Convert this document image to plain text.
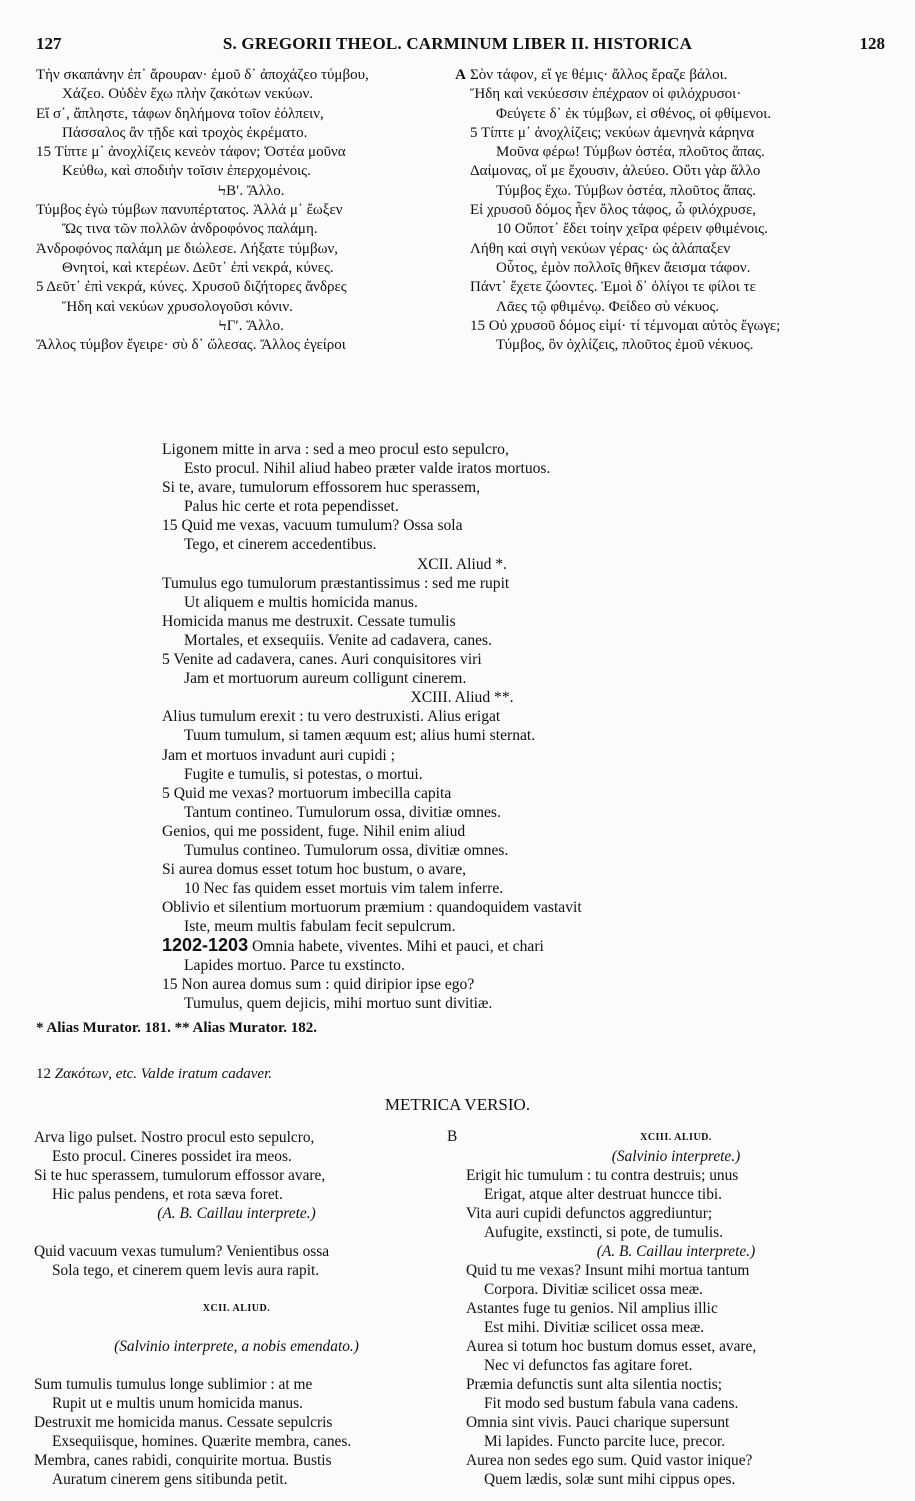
127	S. GREGORII THEOL. CARMINUM LIBER II. HISTORICA	128
Τὴν σκαπάνην ἐπ᾽ ἄρουραν· ἐμοῦ δ᾽ ἀποχάζεο τύμβου,	A
Χάζεο. Οὐδὲν ἔχω πλὴν ζακότων νεκύων.
Εἴ σ᾽, ἄπληστε, τάφων δηλήμονα τοῖον ἐόλπειν,
Πάσσαλος ἂν τῇδε καὶ τροχὸς ἐκρέματο.
15 Τίπτε μ᾽ ἀνοχλίζεις κενεὸν τάφον; Ὀστέα μοῦνα
Κεύθω, καὶ σποδιὴν τοῖσιν ἐπερχομένοις.
ϞΒʹ. Ἄλλο.
Τύμβος ἐγὼ τύμβων πανυπέρτατος. Ἀλλά μ᾽ ἔωξεν
Ὥς τινα τῶν πολλῶν ἀνδροφόνος παλάμη.
Ἀνδροφόνος παλάμη με διώλεσε. Λήξατε τύμβων,
Θνητοί, καὶ κτερέων. Δεῦτ᾽ ἐπὶ νεκρά, κύνες.
5 Δεῦτ᾽ ἐπὶ νεκρά, κύνες. Χρυσοῦ διζήτορες ἄνδρες
Ἤδη καὶ νεκύων χρυσολογοῦσι κόνιν.
ϞΓʹ. Ἄλλο.
Ἄλλος τύμβον ἔγειρε· σὺ δ᾽ ὤλεσας. Ἄλλος ἐγείροι
Σὸν τάφον, εἴ γε θέμις· ἄλλος ἔραζε βάλοι.
Ἤδη καὶ νεκύεσσιν ἐπέχραον οἱ φιλόχρυσοι·
Φεύγετε δ᾽ ἐκ τύμβων, εἰ σθένος, οἱ φθίμενοι.
5 Τίπτε μ᾽ ἀνοχλίζεις; νεκύων ἀμενηνὰ κάρηνα
Μοῦνα φέρω! Τύμβων ὀστέα, πλοῦτος ἅπας.
Δαίμονας, οἵ με ἔχουσιν, ἀλεύεο. Οὔτι γὰρ ἄλλο
Τύμβος ἔχω. Τύμβων ὀστέα, πλοῦτος ἅπας.
Εἰ χρυσοῦ δόμος ἦεν ὅλος τάφος, ὦ φιλόχρυσε,
10 Οὔποτ᾽ ἔδει τοίην χεῖρα φέρειν φθιμένοις.
Λήθη καὶ σιγὴ νεκύων γέρας· ὡς ἀλάπαξεν
Οὗτος, ἐμὸν πολλοῖς θῆκεν ἄεισμα τάφον.
Πάντ᾽ ἔχετε ζώοντες. Ἐμοὶ δ᾽ ὀλίγοι τε φίλοι τε
Λᾶες τῷ φθιμένῳ. Φείδεο σὺ νέκυος.
15 Οὐ χρυσοῦ δόμος εἰμί· τί τέμνομαι αὐτὸς ἔγωγε;
Τύμβος, ὃν ὀχλίζεις, πλοῦτος ἐμοῦ νέκυος.
Ligonem mitte in arva : sed a meo procul esto sepulcro,
Esto procul. Nihil aliud habeo præter valde iratos mortuos.
Si te, avare, tumulorum effossorem huc sperassem,
Palus hic certe et rota pependisset.
15 Quid me vexas, vacuum tumulum? Ossa sola
Tego, et cinerem accedentibus.
XCII. Aliud *.
Tumulus ego tumulorum præstantissimus : sed me rupit
Ut aliquem e multis homicida manus.
Homicida manus me destruxit. Cessate tumulis
Mortales, et exsequiis. Venite ad cadavera, canes.
5 Venite ad cadavera, canes. Auri conquisitores viri
Jam et mortuorum aureum colligunt cinerem.
XCIII. Aliud **.
Alius tumulum erexit : tu vero destruxisti. Alius erigat
Tuum tumulum, si tamen æquum est; alius humi sternat.
Jam et mortuos invadunt auri cupidi ;
Fugite e tumulis, si potestas, o mortui.
5 Quid me vexas? mortuorum imbecilla capita
Tantum contineo. Tumulorum ossa, divitiæ omnes.
Genios, qui me possident, fuge. Nihil enim aliud
Tumulus contineo. Tumulorum ossa, divitiæ omnes.
Si aurea domus esset totum hoc bustum, o avare,
10 Nec fas quidem esset mortuis vim talem inferre.
Oblivio et silentium mortuorum præmium : quandoquidem vastavit
Iste, meum multis fabulam fecit sepulcrum.
1202-1203 Omnia habete, viventes. Mihi et pauci, et chari
Lapides mortuo. Parce tu exstincto.
15 Non aurea domus sum : quid diripior ipse ego?
Tumulus, quem dejicis, mihi mortuo sunt divitiæ.
* Alias Murator. 181. ** Alias Murator. 182.
12 Ζακότων, etc. Valde iratum cadaver.
METRICA VERSIO.
Arva ligo pulset. Nostro procul esto sepulcro,
Esto procul. Cineres possidet ira meos.
Si te huc sperassem, tumulorum effossor avare,
Hic palus pendens, et rota sæva foret.
(A. B. Caillau interprete.)
Quid vacuum vexas tumulum? Venientibus ossa
Sola tego, et cinerem quem levis aura rapit.
XCII. ALIUD.
(Salvinio interprete, a nobis emendato.)
Sum tumulis tumulus longe sublimior : at me
Rupit ut e multis unum homicida manus.
Destruxit me homicida manus. Cessate sepulcris
Exsequiisque, homines. Quærite membra, canes.
Membra, canes rabidi, conquirite mortua. Bustis
Auratum cinerem gens sitibunda petit.
B	XCIII. ALIUD.
(Salvinio interprete.)
Erigit hic tumulum : tu contra destruis; unus
Erigat, atque alter destruat huncce tibi.
Vita auri cupidi defunctos aggrediuntur;
Aufugite, exstincti, si pote, de tumulis.
(A. B. Caillau interprete.)
Quid tu me vexas? Insunt mihi mortua tantum
Corpora. Divitiæ scilicet ossa meæ.
Astantes fuge tu genios. Nil amplius illic
Est mihi. Divitiæ scilicet ossa meæ.
Aurea si totum hoc bustum domus esset, avare,
Nec vi defunctos fas agitare foret.
Præmia defunctis sunt alta silentia noctis;
Fit modo sed bustum fabula vana cadens.
Omnia sint vivis. Pauci charique supersunt
Mi lapides. Functo parcite luce, precor.
Aurea non sedes ego sum. Quid vastor inique?
Quem lædis, solæ sunt mihi cippus opes.
